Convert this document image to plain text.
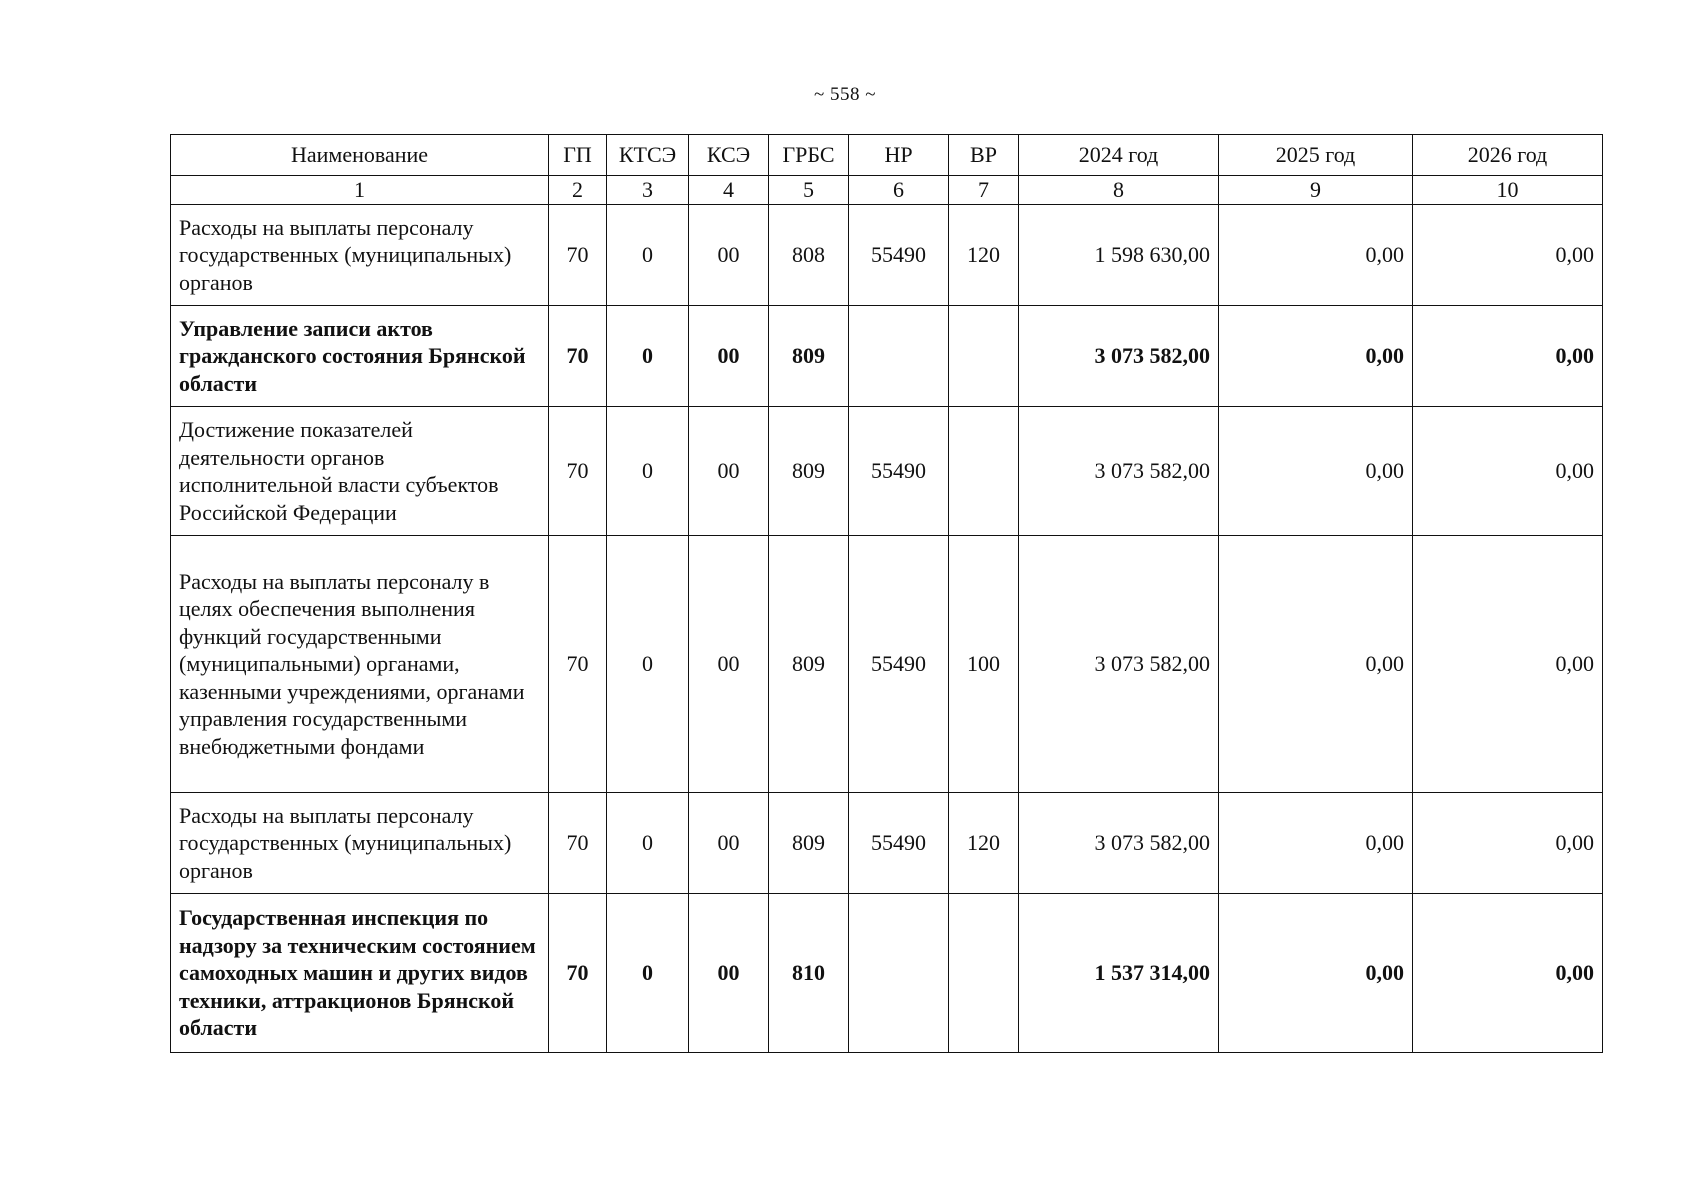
~ 558 ~
Наименование	ГП	КТСЭ	КСЭ	ГРБС	НР	ВР	2024 год	2025 год	2026 год
1	2	3	4	5	6	7	8	9	10
Расходы на выплаты персоналу государственных (муниципальных) органов	70	0	00	808	55490	120	1 598 630,00	0,00	0,00
Управление записи актов гражданского состояния Брянской области	70	0	00	809			3 073 582,00	0,00	0,00
Достижение показателей деятельности органов исполнительной власти субъектов Российской Федерации	70	0	00	809	55490		3 073 582,00	0,00	0,00
Расходы на выплаты персоналу в целях обеспечения выполнения функций государственными (муниципальными) органами, казенными учреждениями, органами управления государственными внебюджетными фондами	70	0	00	809	55490	100	3 073 582,00	0,00	0,00
Расходы на выплаты персоналу государственных (муниципальных) органов	70	0	00	809	55490	120	3 073 582,00	0,00	0,00
Государственная инспекция по надзору за техническим состоянием самоходных машин и других видов техники, аттракционов Брянской области	70	0	00	810			1 537 314,00	0,00	0,00
